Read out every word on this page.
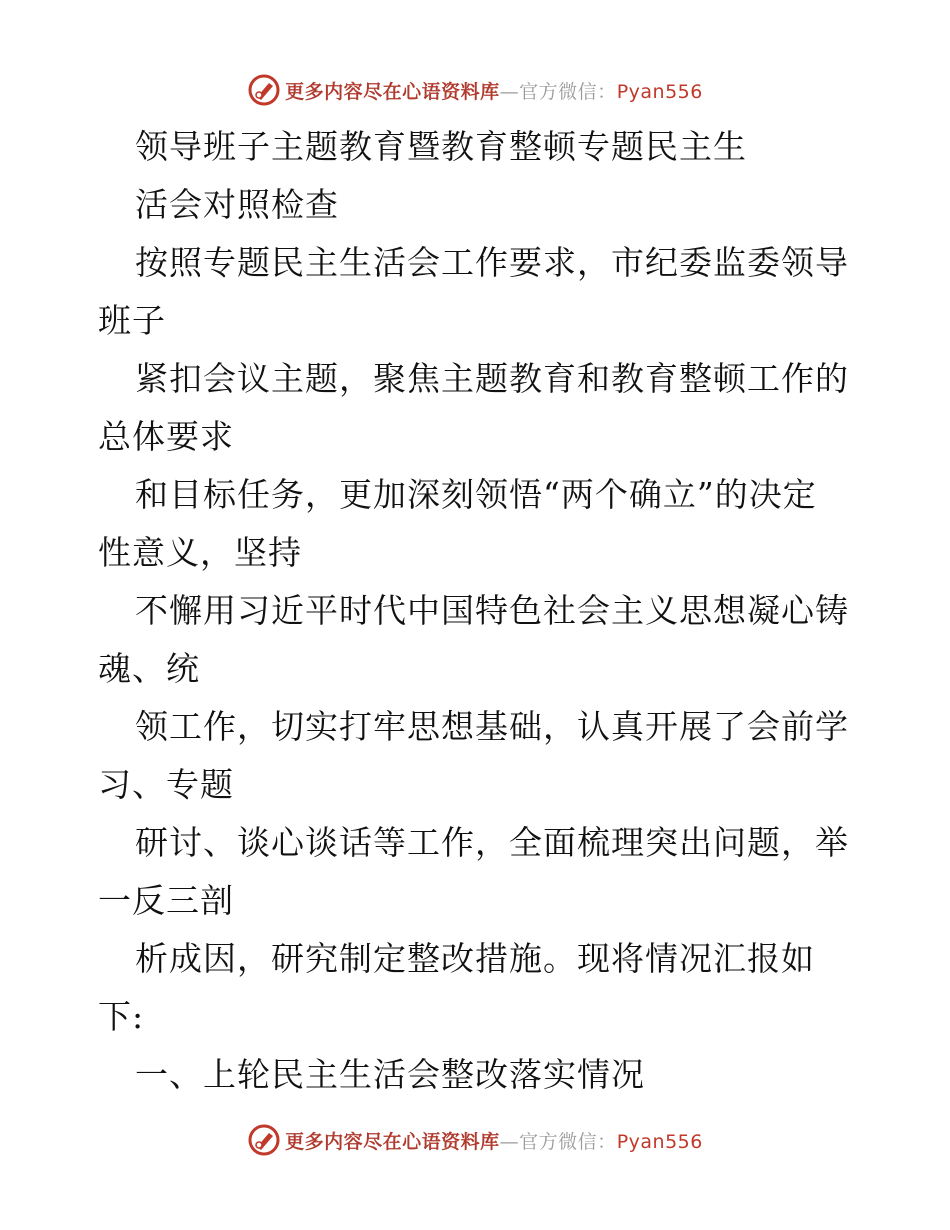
更多内容尽在心语资料库—官方微信：Pyan556
领导班子主题教育暨教育整顿专题民主生
活会对照检查
按照专题民主生活会工作要求，市纪委监委领导
班子
紧扣会议主题，聚焦主题教育和教育整顿工作的
总体要求
和目标任务，更加深刻领悟“两个确立”的决定
性意义，坚持
不懈用习近平时代中国特色社会主义思想凝心铸
魂、统
领工作，切实打牢思想基础，认真开展了会前学
习、专题
研讨、谈心谈话等工作，全面梳理突出问题，举
一反三剖
析成因，研究制定整改措施。现将情况汇报如
下:
一、上轮民主生活会整改落实情况
更多内容尽在心语资料库—官方微信：Pyan556
